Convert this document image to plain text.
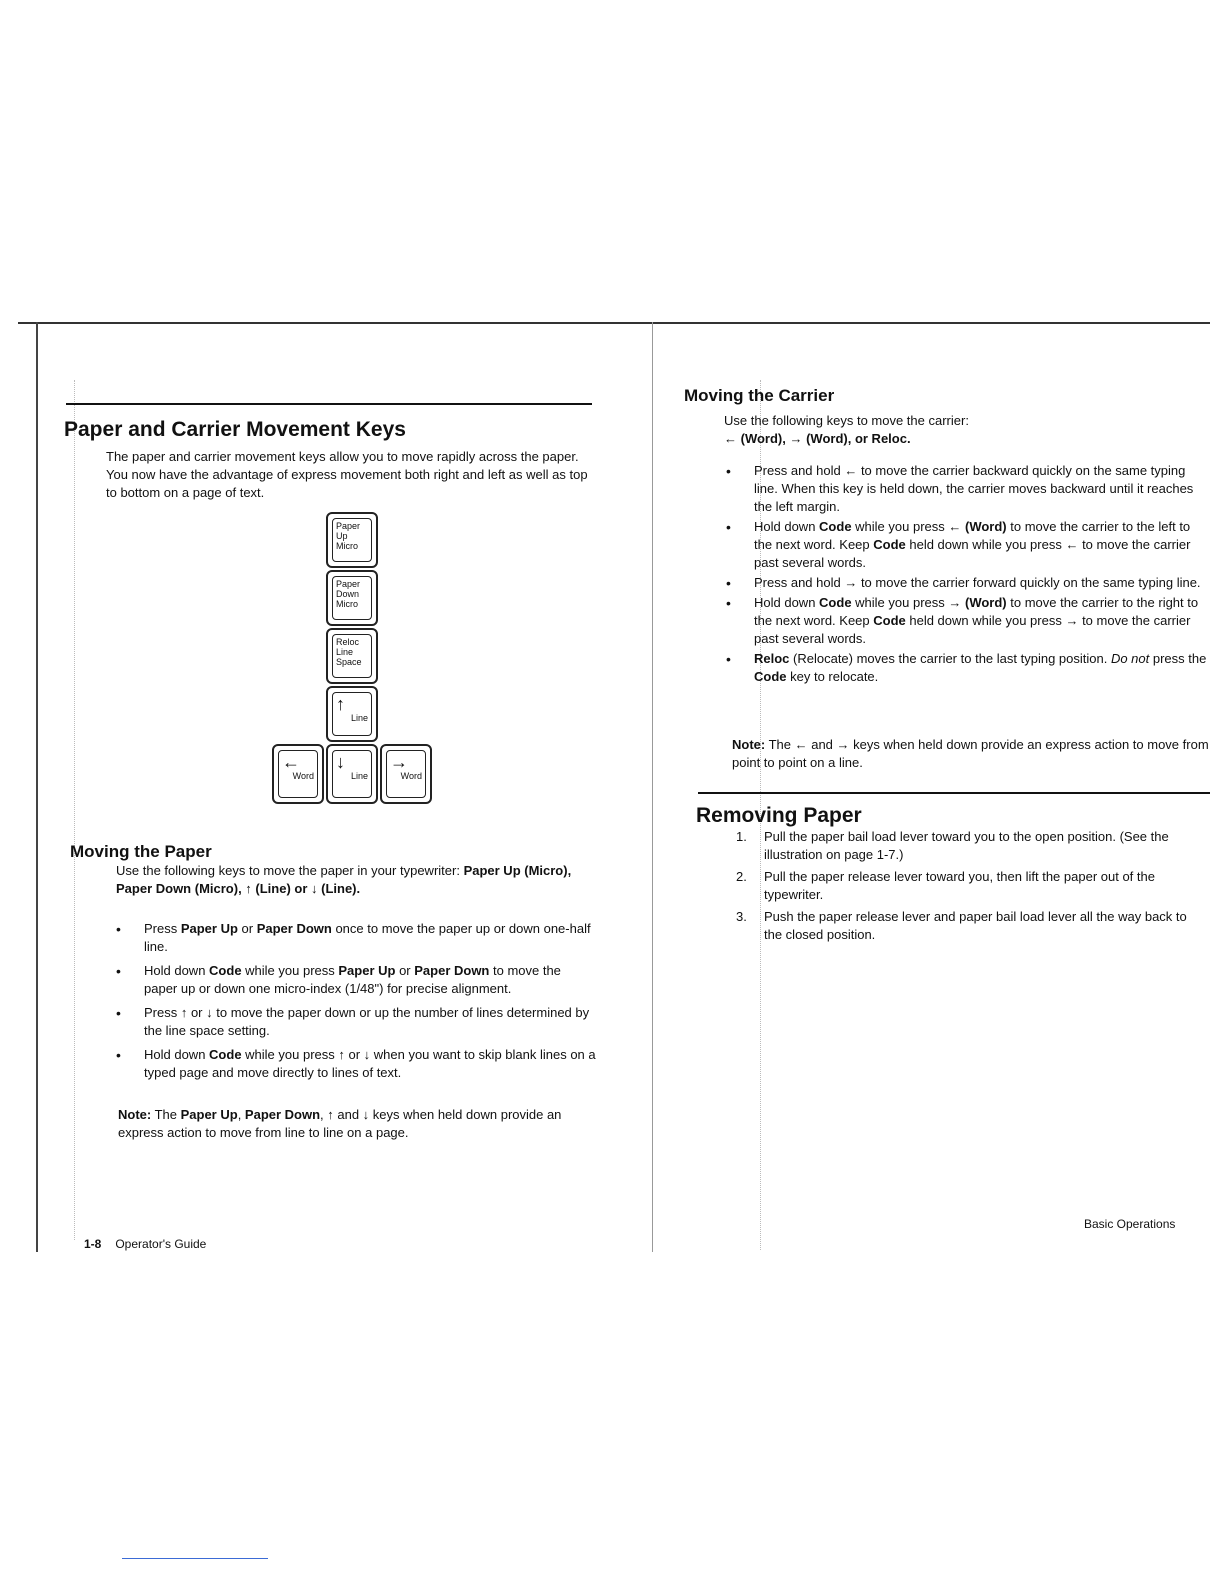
Paper and Carrier Movement Keys
The paper and carrier movement keys allow you to move rapidly across the paper. You now have the advantage of express movement both right and left as well as top to bottom on a page of text.
Paper
Up
Micro
Paper
Down
Micro
Reloc
Line
Space
↑
Line
←
Word
↓
Line
→
Word
Moving the Paper
Use the following keys to move the paper in your typewriter: Paper Up (Micro), Paper Down (Micro), ↑ (Line) or ↓ (Line).
• Press Paper Up or Paper Down once to move the paper up or down one-half line.
• Hold down Code while you press Paper Up or Paper Down to move the paper up or down one micro-index (1/48") for precise alignment.
• Press ↑ or ↓ to move the paper down or up the number of lines determined by the line space setting.
• Hold down Code while you press ↑ or ↓ when you want to skip blank lines on a typed page and move directly to lines of text.
Note: The Paper Up, Paper Down, ↑ and ↓ keys when held down provide an express action to move from line to line on a page.
1-8 Operator's Guide
Moving the Carrier
Use the following keys to move the carrier:
← (Word), → (Word), or Reloc.
• Press and hold ← to move the carrier backward quickly on the same typing line. When this key is held down, the carrier moves backward until it reaches the left margin.
• Hold down Code while you press ← (Word) to move the carrier to the left to the next word. Keep Code held down while you press ← to move the carrier past several words.
• Press and hold → to move the carrier forward quickly on the same typing line.
• Hold down Code while you press → (Word) to move the carrier to the right to the next word. Keep Code held down while you press → to move the carrier past several words.
• Reloc (Relocate) moves the carrier to the last typing position. Do not press the Code key to relocate.
Note: The ← and → keys when held down provide an express action to move from point to point on a line.
Removing Paper
1. Pull the paper bail load lever toward you to the open position. (See the illustration on page 1-7.)
2. Pull the paper release lever toward you, then lift the paper out of the typewriter.
3. Push the paper release lever and paper bail load lever all the way back to the closed position.
Basic Operations
